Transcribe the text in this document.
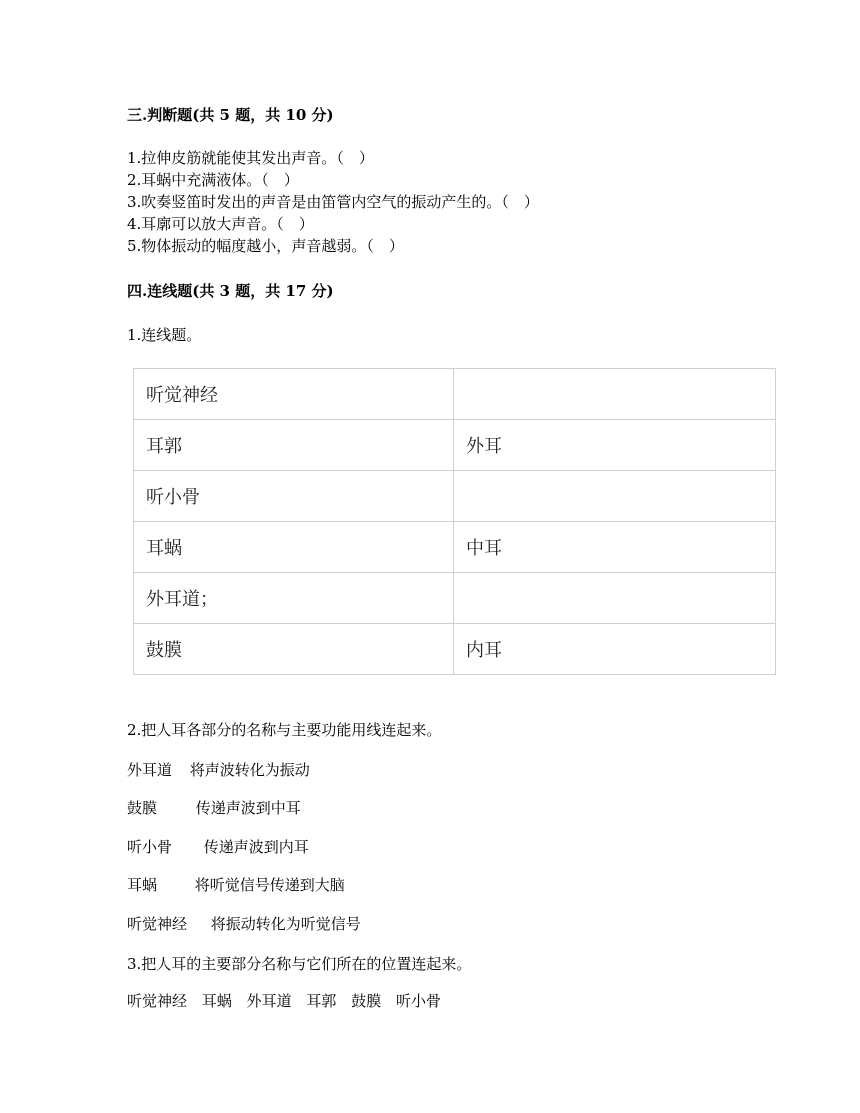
三.判断题(共 5 题，共 10 分)
1.拉伸皮筋就能使其发出声音。（　）
2.耳蜗中充满液体。（　）
3.吹奏竖笛时发出的声音是由笛管内空气的振动产生的。（　）
4.耳廓可以放大声音。（　）
5.物体振动的幅度越小，声音越弱。（　）
四.连线题(共 3 题，共 17 分)
1.连线题。
听觉神经	
耳郭	外耳
听小骨	
耳蜗	中耳
外耳道；	
鼓膜	内耳
2.把人耳各部分的名称与主要功能用线连起来。
外耳道 将声波转化为振动
鼓膜	传递声波到中耳
听小骨 传递声波到内耳
耳蜗	将听觉信号传递到大脑
听觉神经 将振动转化为听觉信号
3.把人耳的主要部分名称与它们所在的位置连起来。
听觉神经 耳蜗 外耳道 耳郭 鼓膜 听小骨
